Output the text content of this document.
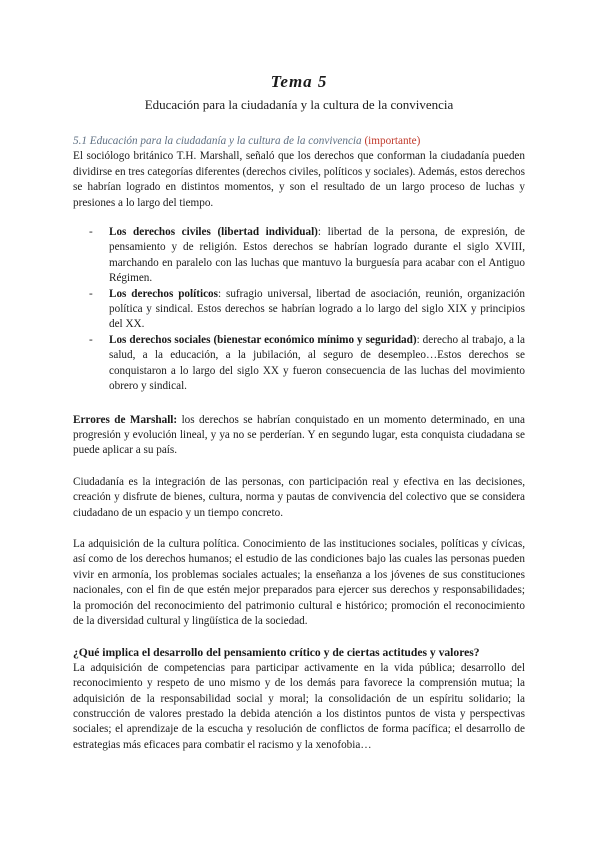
Tema 5
Educación para la ciudadanía y la cultura de la convivencia
5.1 Educación para la ciudadanía y la cultura de la convivencia (importante)

El sociólogo británico T.H. Marshall, señaló que los derechos que conforman la ciudadanía pueden dividirse en tres categorías diferentes (derechos civiles, políticos y sociales). Además, estos derechos se habrían logrado en distintos momentos, y son el resultado de un largo proceso de luchas y presiones a lo largo del tiempo.

- Los derechos civiles (libertad individual): libertad de la persona, de expresión, de pensamiento y de religión. Estos derechos se habrían logrado durante el siglo XVIII, marchando en paralelo con las luchas que mantuvo la burguesía para acabar con el Antiguo Régimen.
- Los derechos políticos: sufragio universal, libertad de asociación, reunión, organización política y sindical. Estos derechos se habrían logrado a lo largo del siglo XIX y principios del XX.
- Los derechos sociales (bienestar económico mínimo y seguridad): derecho al trabajo, a la salud, a la educación, a la jubilación, al seguro de desempleo…Estos derechos se conquistaron a lo largo del siglo XX y fueron consecuencia de las luchas del movimiento obrero y sindical.

Errores de Marshall: los derechos se habrían conquistado en un momento determinado, en una progresión y evolución lineal, y ya no se perderían. Y en segundo lugar, esta conquista ciudadana se puede aplicar a su país.

Ciudadanía es la integración de las personas, con participación real y efectiva en las decisiones, creación y disfrute de bienes, cultura, norma y pautas de convivencia del colectivo que se considera ciudadano de un espacio y un tiempo concreto.

La adquisición de la cultura política. Conocimiento de las instituciones sociales, políticas y cívicas, así como de los derechos humanos; el estudio de las condiciones bajo las cuales las personas pueden vivir en armonía, los problemas sociales actuales; la enseñanza a los jóvenes de sus constituciones nacionales, con el fin de que estén mejor preparados para ejercer sus derechos y responsabilidades; la promoción del reconocimiento del patrimonio cultural e histórico; promoción el reconocimiento de la diversidad cultural y lingüística de la sociedad.

¿Qué implica el desarrollo del pensamiento crítico y de ciertas actitudes y valores?

La adquisición de competencias para participar activamente en la vida pública; desarrollo del reconocimiento y respeto de uno mismo y de los demás para favorece la comprensión mutua; la adquisición de la responsabilidad social y moral; la consolidación de un espíritu solidario; la construcción de valores prestado la debida atención a los distintos puntos de vista y perspectivas sociales; el aprendizaje de la escucha y resolución de conflictos de forma pacífica; el desarrollo de estrategias más eficaces para combatir el racismo y la xenofobia…
